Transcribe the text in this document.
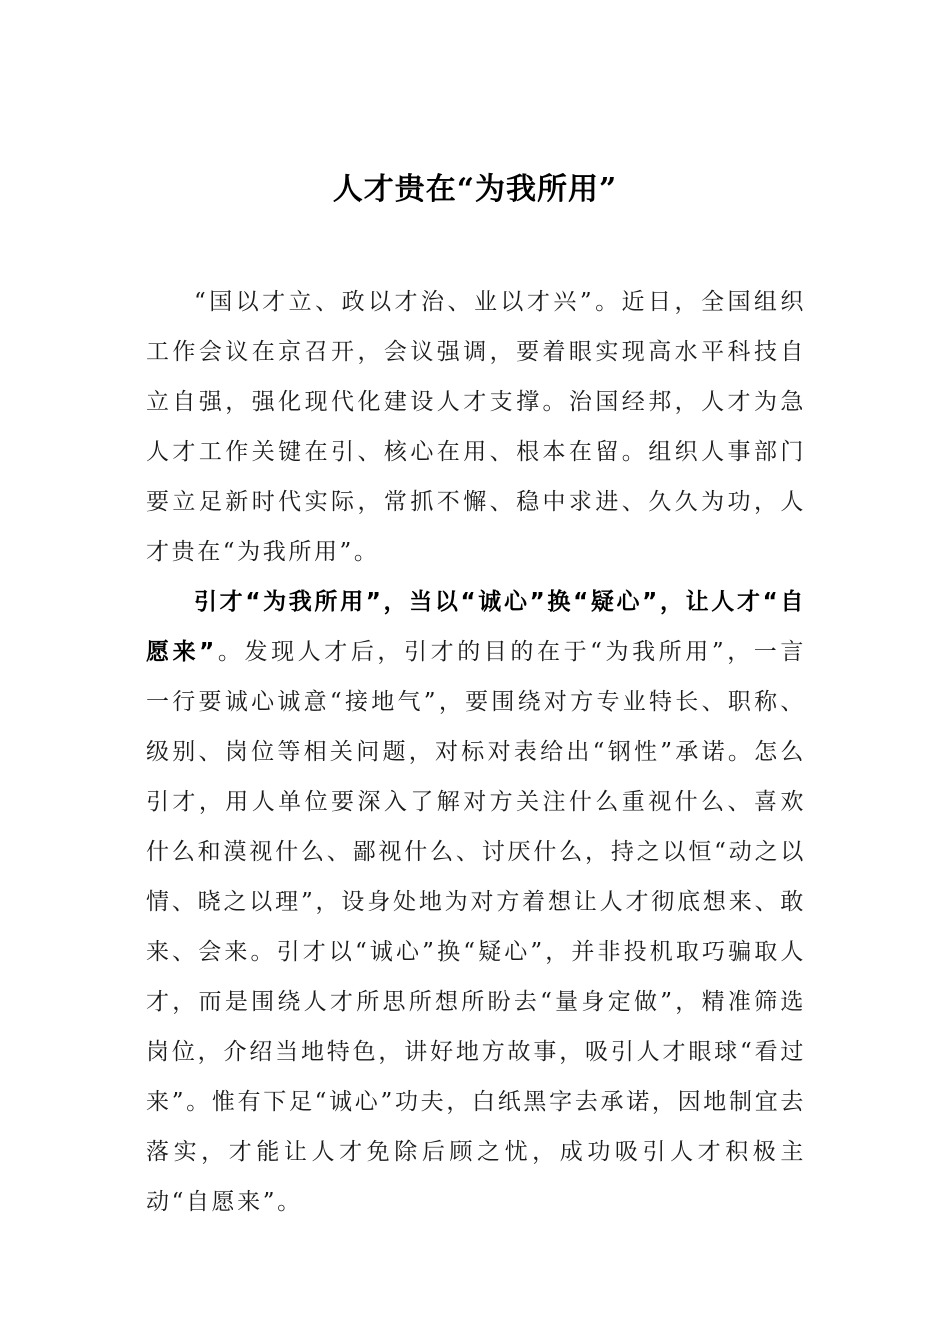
人才贵在“为我所用”

“国以才立、政以才治、业以才兴”。近日，全国组织工作会议在京召开，会议强调，要着眼实现高水平科技自立自强，强化现代化建设人才支撑。治国经邦，人才为急人才工作关键在引、核心在用、根本在留。组织人事部门要立足新时代实际，常抓不懈、稳中求进、久久为功，人才贵在“为我所用”。

引才“为我所用”，当以“诚心”换“疑心”，让人才“自愿来”。发现人才后，引才的目的在于“为我所用”，一言一行要诚心诚意“接地气”，要围绕对方专业特长、职称、级别、岗位等相关问题，对标对表给出“钢性”承诺。怎么引才，用人单位要深入了解对方关注什么重视什么、喜欢什么和漠视什么、鄙视什么、讨厌什么，持之以恒“动之以情、晓之以理”，设身处地为对方着想让人才彻底想来、敢来、会来。引才以“诚心”换“疑心”，并非投机取巧骗取人才，而是围绕人才所思所想所盼去“量身定做”，精准筛选岗位，介绍当地特色，讲好地方故事，吸引人才眼球“看过来”。惟有下足“诚心”功夫，白纸黑字去承诺，因地制宜去落实，才能让人才免除后顾之忧，成功吸引人才积极主动“自愿来”。
